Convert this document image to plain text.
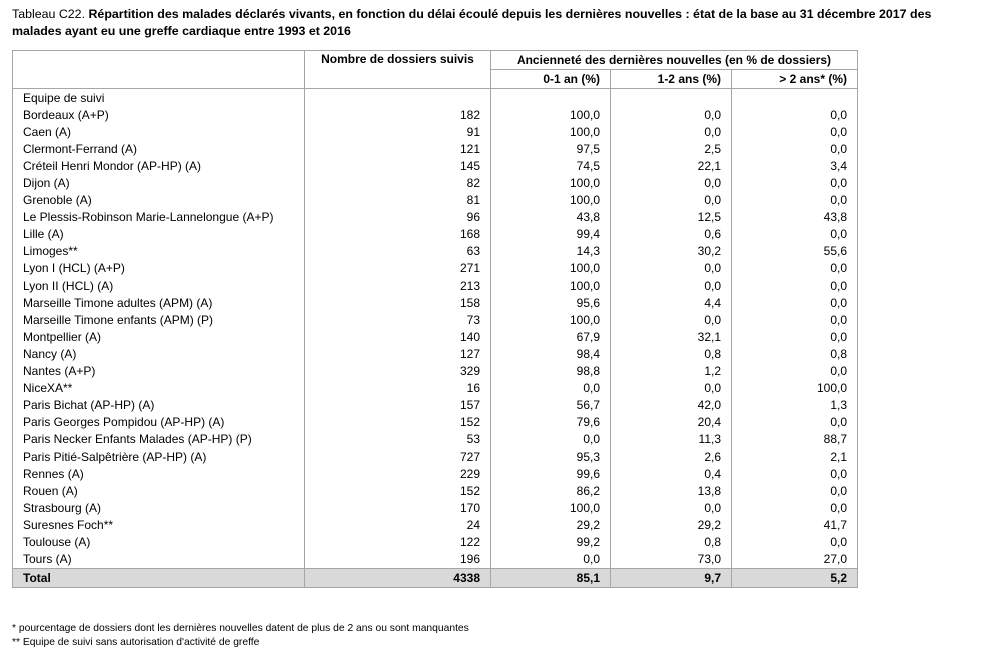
Tableau C22. Répartition des malades déclarés vivants, en fonction du délai écoulé depuis les dernières nouvelles : état de la base au 31 décembre 2017 des malades ayant eu une greffe cardiaque entre 1993 et 2016
	Nombre de dossiers suivis	Ancienneté des dernières nouvelles (en % de dossiers)		
		0-1 an (%)	1-2 ans (%)	> 2 ans* (%)
Equipe de suivi				
Bordeaux (A+P)	182	100,0	0,0	0,0
Caen (A)	91	100,0	0,0	0,0
Clermont-Ferrand (A)	121	97,5	2,5	0,0
Créteil Henri Mondor (AP-HP) (A)	145	74,5	22,1	3,4
Dijon (A)	82	100,0	0,0	0,0
Grenoble (A)	81	100,0	0,0	0,0
Le Plessis-Robinson Marie-Lannelongue (A+P)	96	43,8	12,5	43,8
Lille (A)	168	99,4	0,6	0,0
Limoges**	63	14,3	30,2	55,6
Lyon I (HCL) (A+P)	271	100,0	0,0	0,0
Lyon II (HCL) (A)	213	100,0	0,0	0,0
Marseille Timone adultes (APM) (A)	158	95,6	4,4	0,0
Marseille Timone enfants (APM) (P)	73	100,0	0,0	0,0
Montpellier (A)	140	67,9	32,1	0,0
Nancy (A)	127	98,4	0,8	0,8
Nantes (A+P)	329	98,8	1,2	0,0
NiceXA**	16	0,0	0,0	100,0
Paris Bichat (AP-HP) (A)	157	56,7	42,0	1,3
Paris Georges Pompidou (AP-HP) (A)	152	79,6	20,4	0,0
Paris Necker Enfants Malades (AP-HP) (P)	53	0,0	11,3	88,7
Paris Pitié-Salpêtrière (AP-HP) (A)	727	95,3	2,6	2,1
Rennes (A)	229	99,6	0,4	0,0
Rouen (A)	152	86,2	13,8	0,0
Strasbourg (A)	170	100,0	0,0	0,0
Suresnes Foch**	24	29,2	29,2	41,7
Toulouse (A)	122	99,2	0,8	0,0
Tours (A)	196	0,0	73,0	27,0
Total	4338	85,1	9,7	5,2
* pourcentage de dossiers dont les dernières nouvelles datent de plus de 2 ans ou sont manquantes
** Equipe de suivi sans autorisation d'activité de greffe
